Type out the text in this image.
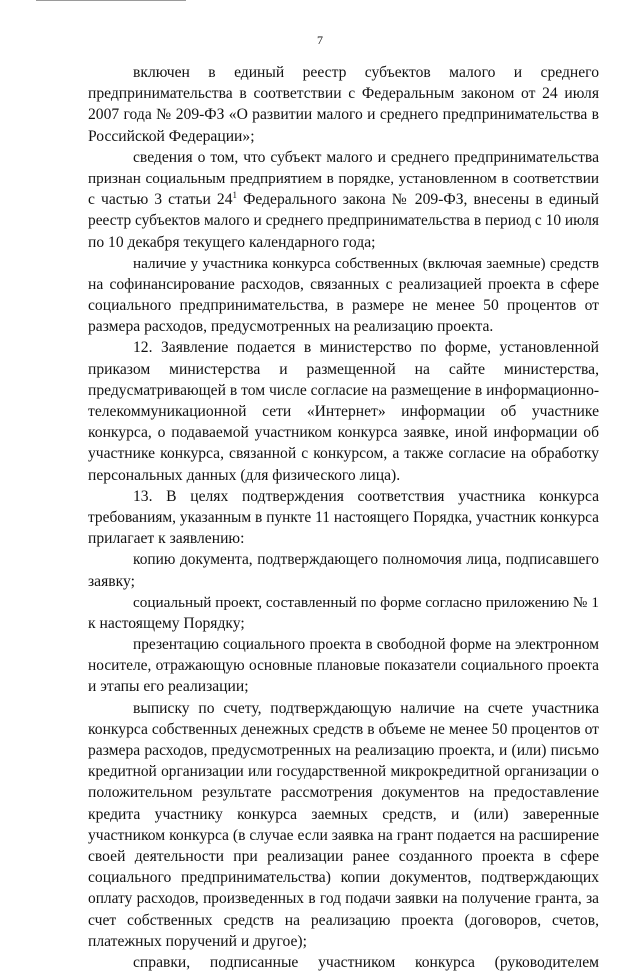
7

включен в единый реестр субъектов малого и среднего

предпринимательства в соответствии с Федеральным законом от 24 июля

2007 года № 209-ФЗ «О развитии малого и среднего предпринимательства в

Российской Федерации»;

сведения о том, что субъект малого и среднего предпринимательства

признан социальным предприятием в порядке, установленном в соответствии

с частью 3 статьи $24^1$ Федерального закона № 209-ФЗ, внесены в единый

реестр субъектов малого и среднего предпринимательства в период с 10 июля

по 10 декабря текущего календарного года;

наличие у участника конкурса собственных (включая заемные) средств

на софинансирование расходов, связанных с реализацией проекта в сфере

социального предпринимательства, в размере не менее 50 процентов от

размера расходов, предусмотренных на реализацию проекта.

12. Заявление подается в министерство по форме, установленной

приказом министерства и размещенной на сайте министерства,

предусматривающей в том числе согласие на размещение в информационно-

телекоммуникационной сети «Интернет» информации об участнике

конкурса, о подаваемой участником конкурса заявке, иной информации об

участнике конкурса, связанной с конкурсом, а также согласие на обработку

персональных данных (для физического лица).

13. В целях подтверждения соответствия участника конкурса

требованиям, указанным в пункте 11 настоящего Порядка, участник конкурса

прилагает к заявлению:

копию документа, подтверждающего полномочия лица, подписавшего

заявку;

социальный проект, составленный по форме согласно приложению № 1

к настоящему Порядку;

презентацию социального проекта в свободной форме на электронном

носителе, отражающую основные плановые показатели социального проекта

и этапы его реализации;

выписку по счету, подтверждающую наличие на счете участника

конкурса собственных денежных средств в объеме не менее 50 процентов от

размера расходов, предусмотренных на реализацию проекта, и (или) письмо

кредитной организации или государственной микрокредитной организации о

положительном результате рассмотрения документов на предоставление

кредита участнику конкурса заемных средств, и (или) заверенные

участником конкурса (в случае если заявка на грант подается на расширение

своей деятельности при реализации ранее созданного проекта в сфере

социального предпринимательства) копии документов, подтверждающих

оплату расходов, произведенных в год подачи заявки на получение гранта, за

счет собственных средств на реализацию проекта (договоров, счетов,

платежных поручений и другое);

справки, подписанные участником конкурса (руководителем
